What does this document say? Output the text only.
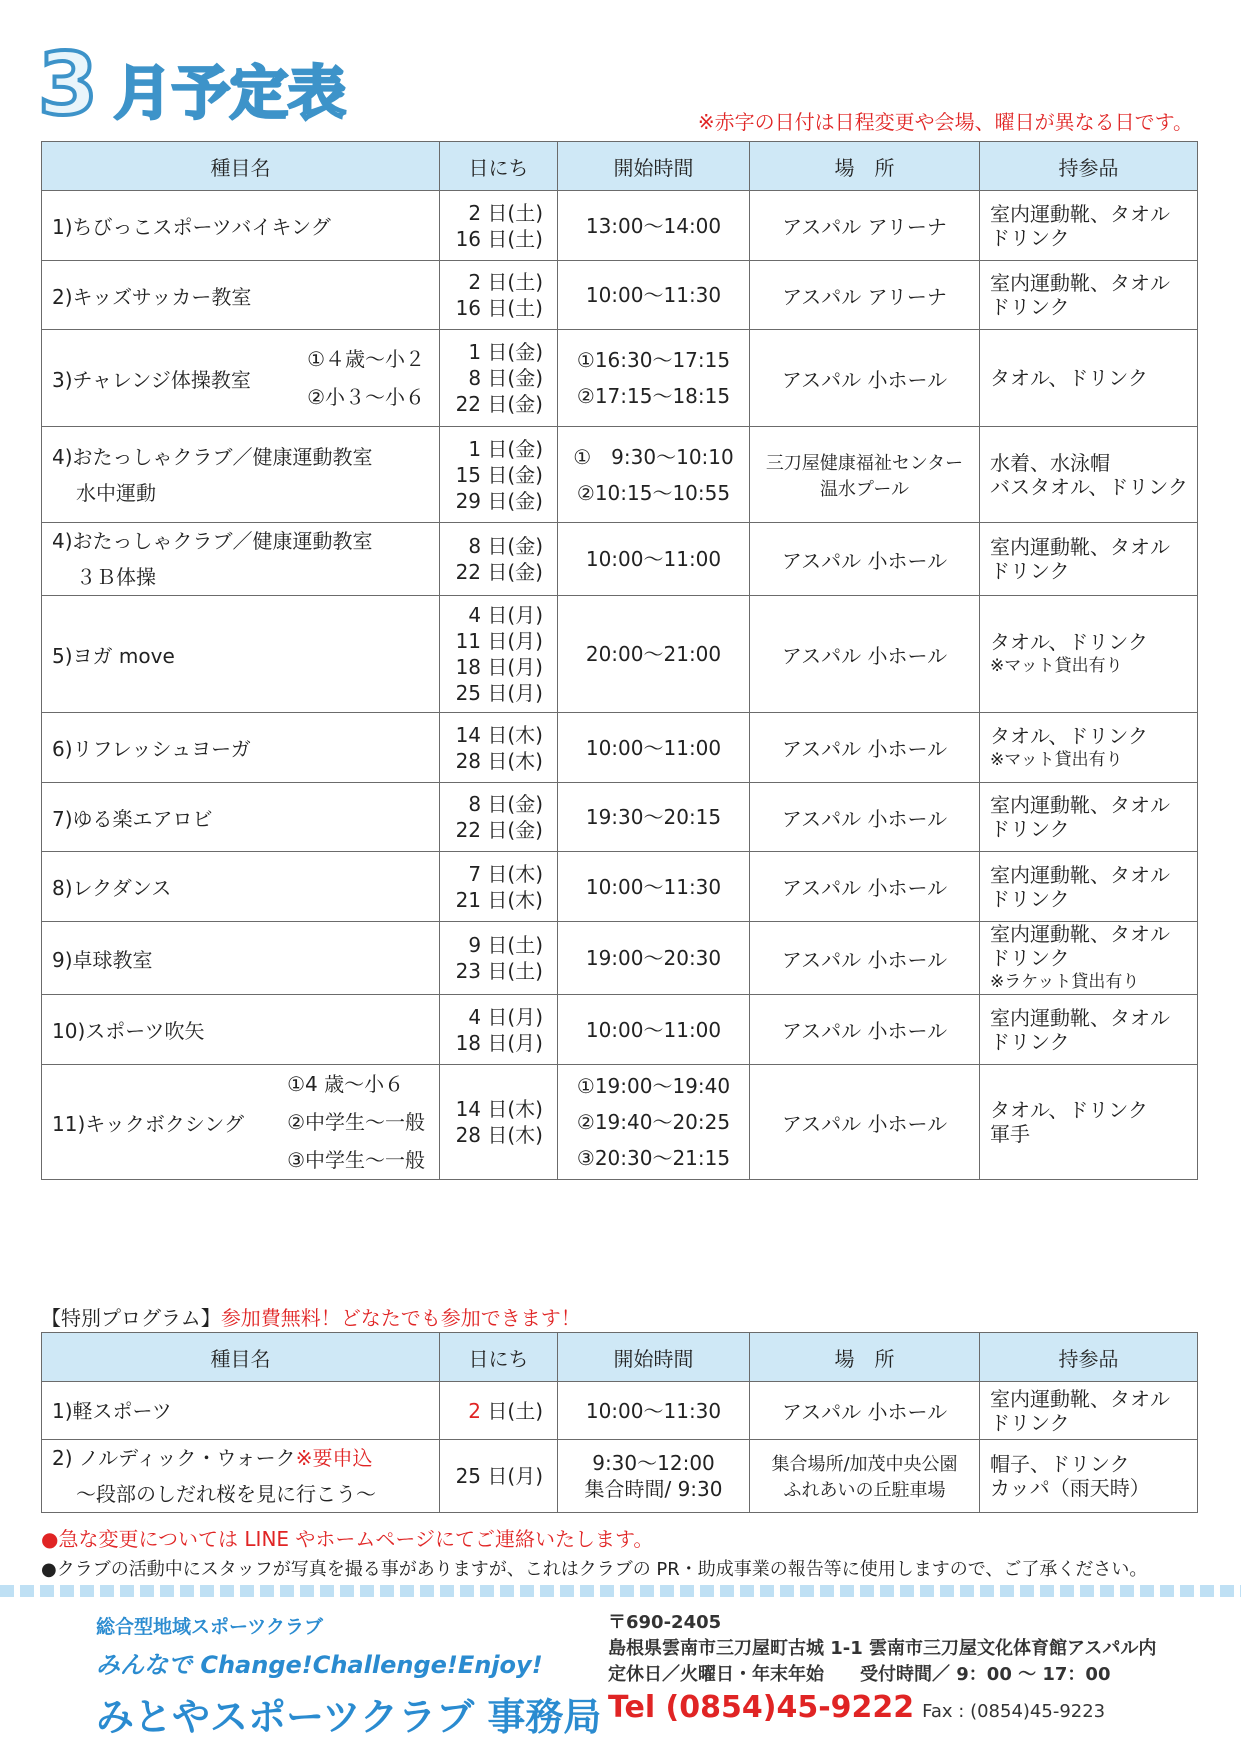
3 月予定表	※赤字の日付は日程変更や会場、曜日が異なる日です。
種目名	日にち	開始時間	場　所	持参品
1)ちびっこスポーツバイキング	2 日(土)
16 日(土)	13:00〜14:00	アスパル アリーナ	室内運動靴、タオル
ドリンク

2)キッズサッカー教室	2 日(土)
16 日(土)	10:00〜11:30	アスパル アリーナ	室内運動靴、タオル
ドリンク

3)チャレンジ体操教室
①４歳〜小２
②小３〜小６	1 日(金)
8 日(金)
22 日(金)	①16:30〜17:15
②17:15〜18:15	アスパル 小ホール	タオル、ドリンク

4)おたっしゃクラブ／健康運動教室
水中運動	1 日(金)
15 日(金)
29 日(金)	①　9:30〜10:10
②10:15〜10:55	三刀屋健康福祉センター
温水プール	水着、水泳帽
バスタオル、ドリンク

4)おたっしゃクラブ／健康運動教室
３Ｂ体操	8 日(金)
22 日(金)	10:00〜11:00	アスパル 小ホール	室内運動靴、タオル
ドリンク

5)ヨガ move	4 日(月)
11 日(月)
18 日(月)
25 日(月)	20:00〜21:00	アスパル 小ホール	タオル、ドリンク
※マット貸出有り

6)リフレッシュヨーガ	14 日(木)
28 日(木)	10:00〜11:00	アスパル 小ホール	タオル、ドリンク
※マット貸出有り

7)ゆる楽エアロビ	8 日(金)
22 日(金)	19:30〜20:15	アスパル 小ホール	室内運動靴、タオル
ドリンク

8)レクダンス	7 日(木)
21 日(木)	10:00〜11:30	アスパル 小ホール	室内運動靴、タオル
ドリンク

9)卓球教室	9 日(土)
23 日(土)	19:00〜20:30	アスパル 小ホール	室内運動靴、タオル
ドリンク
※ラケット貸出有り

10)スポーツ吹矢	4 日(月)
18 日(月)	10:00〜11:00	アスパル 小ホール	室内運動靴、タオル
ドリンク

11)キックボクシング
①4 歳〜小６
②中学生〜一般
③中学生〜一般	14 日(木)
28 日(木)	①19:00〜19:40
②19:40〜20:25
③20:30〜21:15	アスパル 小ホール	タオル、ドリンク
軍手
【特別プログラム】参加費無料！どなたでも参加できます！
種目名	日にち	開始時間	場　所	持参品

1)軽スポーツ	2 日(土)	10:00〜11:30	アスパル 小ホール	室内運動靴、タオル
ドリンク

2) ノルディック・ウォーク※要申込
〜段部のしだれ桜を見に行こう〜	25 日(月)	9:30〜12:00
集合時間/ 9:30	集合場所/加茂中央公園
ふれあいの丘駐車場	帽子、ドリンク
カッパ（雨天時）
●急な変更については LINE やホームページにてご連絡いたします。
●クラブの活動中にスタッフが写真を撮る事がありますが、これはクラブの PR・助成事業の報告等に使用しますので、ご了承ください。
総合型地域スポーツクラブ
みんなで Change!Challenge!Enjoy!
みとやスポーツクラブ 事務局
〒690-2405
島根県雲南市三刀屋町古城 1-1 雲南市三刀屋文化体育館アスパル内
定休日／火曜日・年末年始　　受付時間／ 9：00 〜 17：00
Tel (0854)45-9222 Fax : (0854)45-9223
